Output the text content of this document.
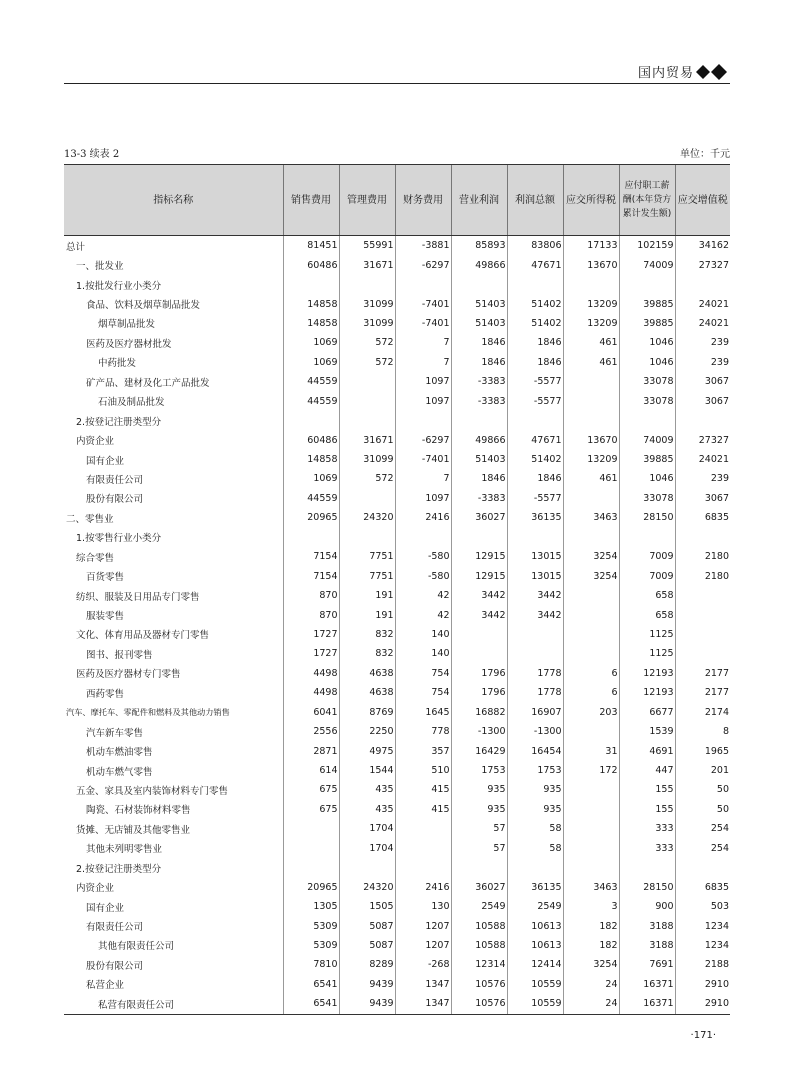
国内贸易
13-3 续表 2	单位：千元
指标名称	销售费用	管理费用	财务费用	营业利润	利润总额	应交所得税	应付职工薪酬(本年贷方累计发生额)	应交增值税
总计	81451	55991	-3881	85893	83806	17133	102159	34162
一、批发业	60486	31671	-6297	49866	47671	13670	74009	27327
1.按批发行业小类分								
食品、饮料及烟草制品批发	14858	31099	-7401	51403	51402	13209	39885	24021
烟草制品批发	14858	31099	-7401	51403	51402	13209	39885	24021
医药及医疗器材批发	1069	572	7	1846	1846	461	1046	239
中药批发	1069	572	7	1846	1846	461	1046	239
矿产品、建材及化工产品批发	44559		1097	-3383	-5577		33078	3067
石油及制品批发	44559		1097	-3383	-5577		33078	3067
2.按登记注册类型分								
内资企业	60486	31671	-6297	49866	47671	13670	74009	27327
国有企业	14858	31099	-7401	51403	51402	13209	39885	24021
有限责任公司	1069	572	7	1846	1846	461	1046	239
股份有限公司	44559		1097	-3383	-5577		33078	3067
二、零售业	20965	24320	2416	36027	36135	3463	28150	6835
1.按零售行业小类分								
综合零售	7154	7751	-580	12915	13015	3254	7009	2180
百货零售	7154	7751	-580	12915	13015	3254	7009	2180
纺织、服装及日用品专门零售	870	191	42	3442	3442		658	
服装零售	870	191	42	3442	3442		658	
文化、体育用品及器材专门零售	1727	832	140				1125	
图书、报刊零售	1727	832	140				1125	
医药及医疗器材专门零售	4498	4638	754	1796	1778	6	12193	2177
西药零售	4498	4638	754	1796	1778	6	12193	2177
汽车、摩托车、零配件和燃料及其他动力销售	6041	8769	1645	16882	16907	203	6677	2174
汽车新车零售	2556	2250	778	-1300	-1300		1539	8
机动车燃油零售	2871	4975	357	16429	16454	31	4691	1965
机动车燃气零售	614	1544	510	1753	1753	172	447	201
五金、家具及室内装饰材料专门零售	675	435	415	935	935		155	50
陶瓷、石材装饰材料零售	675	435	415	935	935		155	50
货摊、无店铺及其他零售业		1704		57	58		333	254
其他未列明零售业		1704		57	58		333	254
2.按登记注册类型分								
内资企业	20965	24320	2416	36027	36135	3463	28150	6835
国有企业	1305	1505	130	2549	2549	3	900	503
有限责任公司	5309	5087	1207	10588	10613	182	3188	1234
其他有限责任公司	5309	5087	1207	10588	10613	182	3188	1234
股份有限公司	7810	8289	-268	12314	12414	3254	7691	2188
私营企业	6541	9439	1347	10576	10559	24	16371	2910
私营有限责任公司	6541	9439	1347	10576	10559	24	16371	2910
·171·
